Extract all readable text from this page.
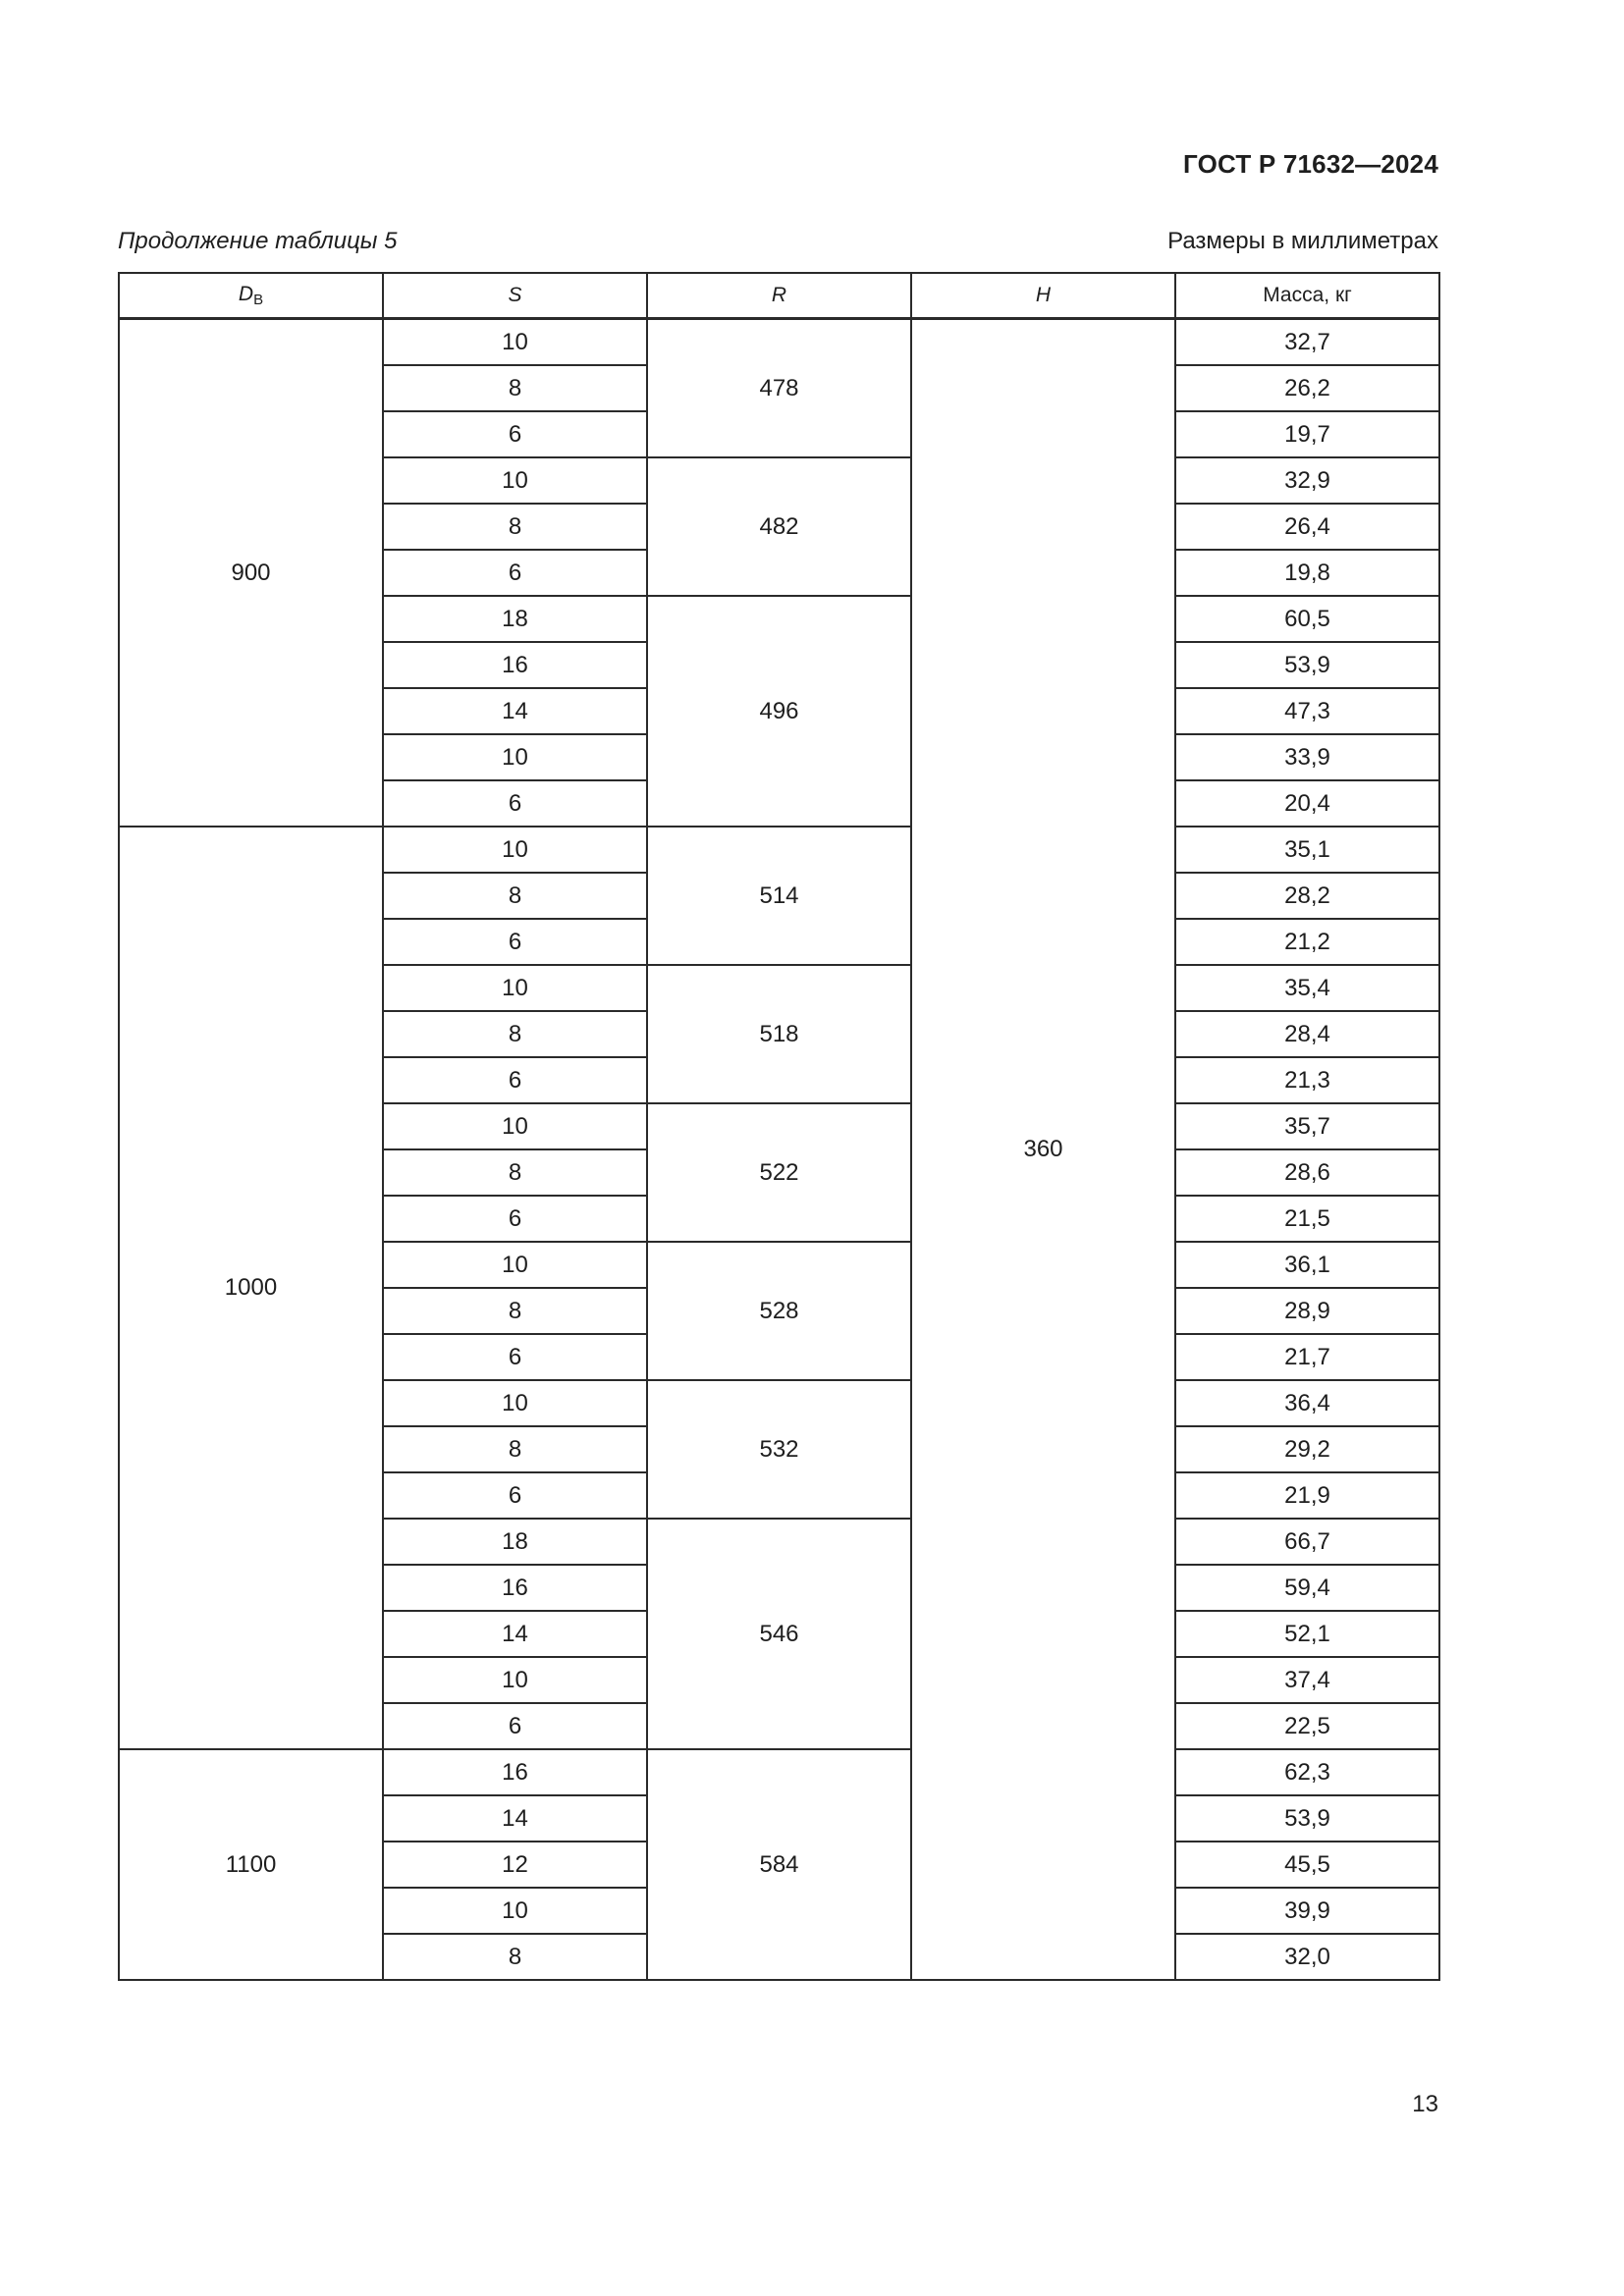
ГОСТ Р 71632—2024
Продолжение таблицы 5	Размеры в миллиметрах
$D_В$	S	R	H	Масса, кг
900	10	478	360	32,7
	8			26,2
	6			19,7
	10	482		32,9
	8			26,4
	6			19,8
	18	496		60,5
	16			53,9
	14			47,3
	10			33,9
	6			20,4
1000	10	514		35,1
	8			28,2
	6			21,2
	10	518		35,4
	8			28,4
	6			21,3
	10	522		35,7
	8			28,6
	6			21,5
	10	528		36,1
	8			28,9
	6			21,7
	10	532		36,4
	8			29,2
	6			21,9
	18	546		66,7
	16			59,4
	14			52,1
	10			37,4
	6			22,5
1100	16	584		62,3
	14			53,9
	12			45,5
	10			39,9
	8			32,0
13
